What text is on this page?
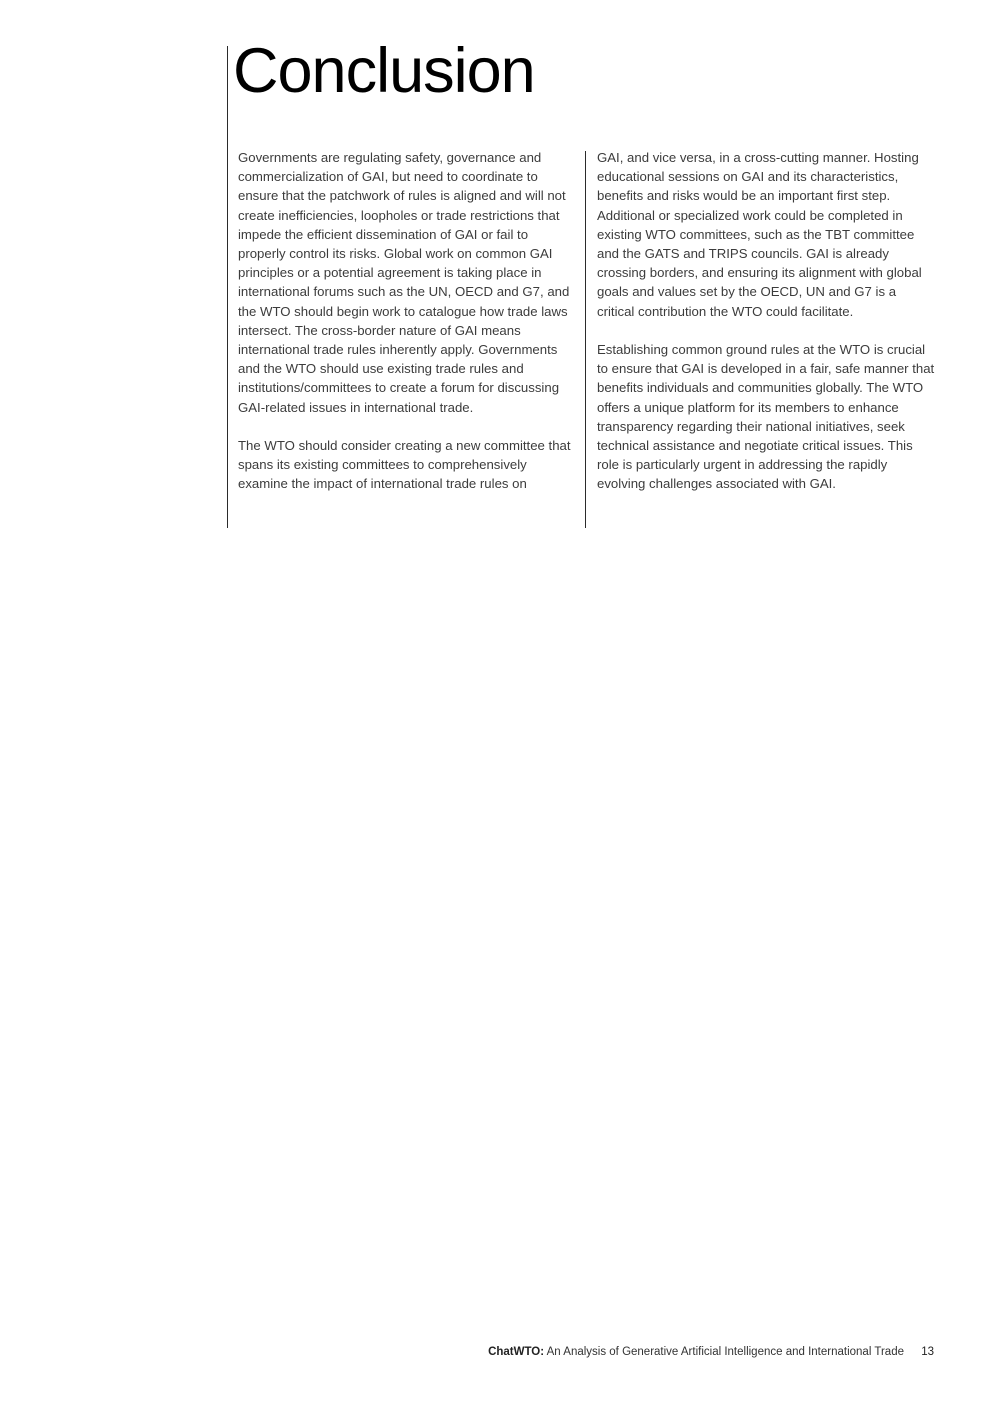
Conclusion

Governments are regulating safety, governance and commercialization of GAI, but need to coordinate to ensure that the patchwork of rules is aligned and will not create inefficiencies, loopholes or trade restrictions that impede the efficient dissemination of GAI or fail to properly control its risks. Global work on common GAI principles or a potential agreement is taking place in international forums such as the UN, OECD and G7, and the WTO should begin work to catalogue how trade laws intersect. The cross-border nature of GAI means international trade rules inherently apply. Governments and the WTO should use existing trade rules and institutions/committees to create a forum for discussing GAI-related issues in international trade.

The WTO should consider creating a new committee that spans its existing committees to comprehensively examine the impact of international trade rules on

GAI, and vice versa, in a cross-cutting manner. Hosting educational sessions on GAI and its characteristics, benefits and risks would be an important first step. Additional or specialized work could be completed in existing WTO committees, such as the TBT committee and the GATS and TRIPS councils. GAI is already crossing borders, and ensuring its alignment with global goals and values set by the OECD, UN and G7 is a critical contribution the WTO could facilitate.

Establishing common ground rules at the WTO is crucial to ensure that GAI is developed in a fair, safe manner that benefits individuals and communities globally. The WTO offers a unique platform for its members to enhance transparency regarding their national initiatives, seek technical assistance and negotiate critical issues. This role is particularly urgent in addressing the rapidly evolving challenges associated with GAI.

ChatWTO: An Analysis of Generative Artificial Intelligence and International Trade 13
